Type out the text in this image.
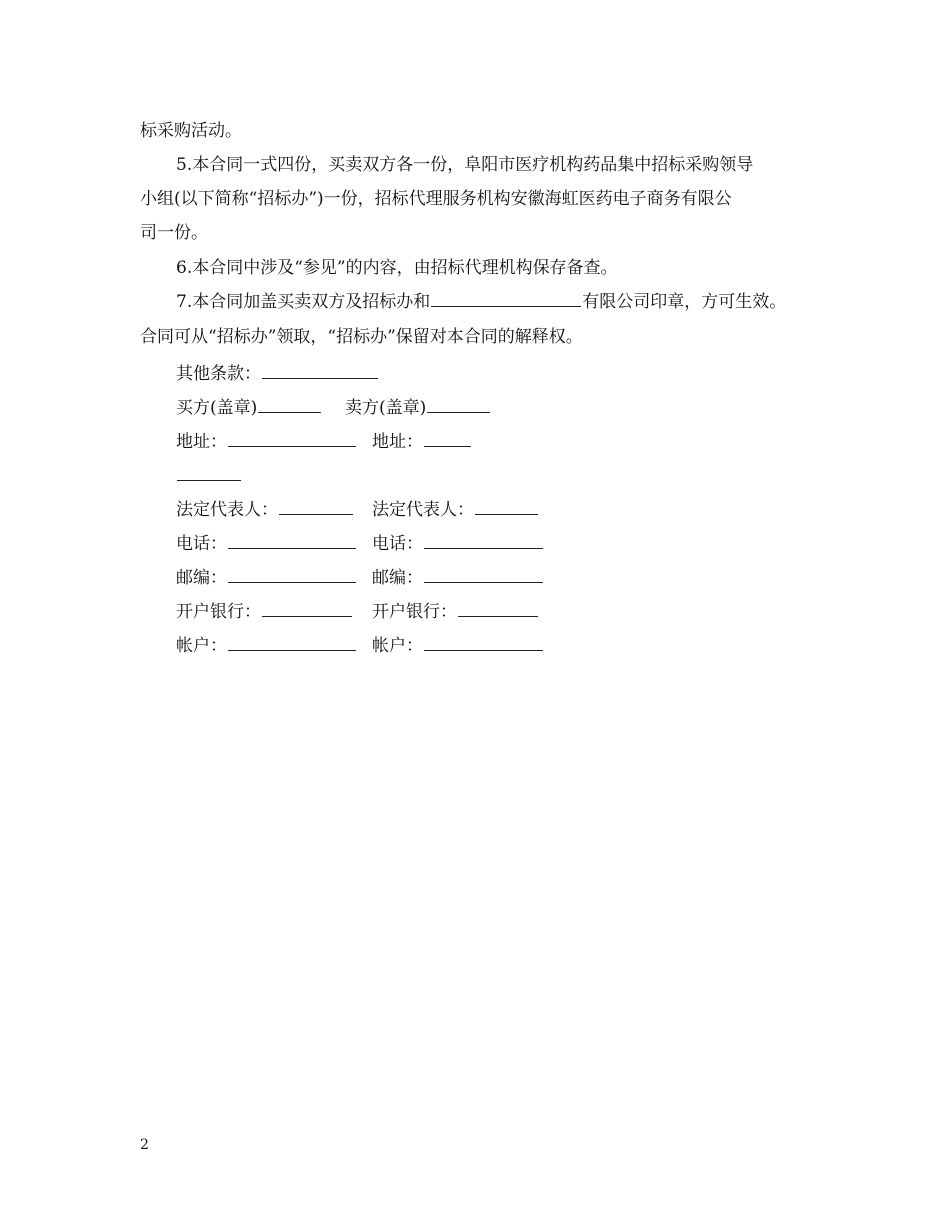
标采购活动。
5.本合同一式四份，买卖双方各一份，阜阳市医疗机构药品集中招标采购领导
小组(以下简称“招标办”)一份，招标代理服务机构安徽海虹医药电子商务有限公
司一份。
6.本合同中涉及“参见”的内容，由招标代理机构保存备查。
7.本合同加盖买卖双方及招标办和	有限公司印章，方可生效。
合同可从“招标办”领取，“招标办”保留对本合同的解释权。
其他条款：
买方(盖章)	卖方(盖章)
地址：	地址：
法定代表人：	法定代表人：
电话：	电话：
邮编：	邮编：
开户银行：	开户银行：
帐户：	帐户：
2
